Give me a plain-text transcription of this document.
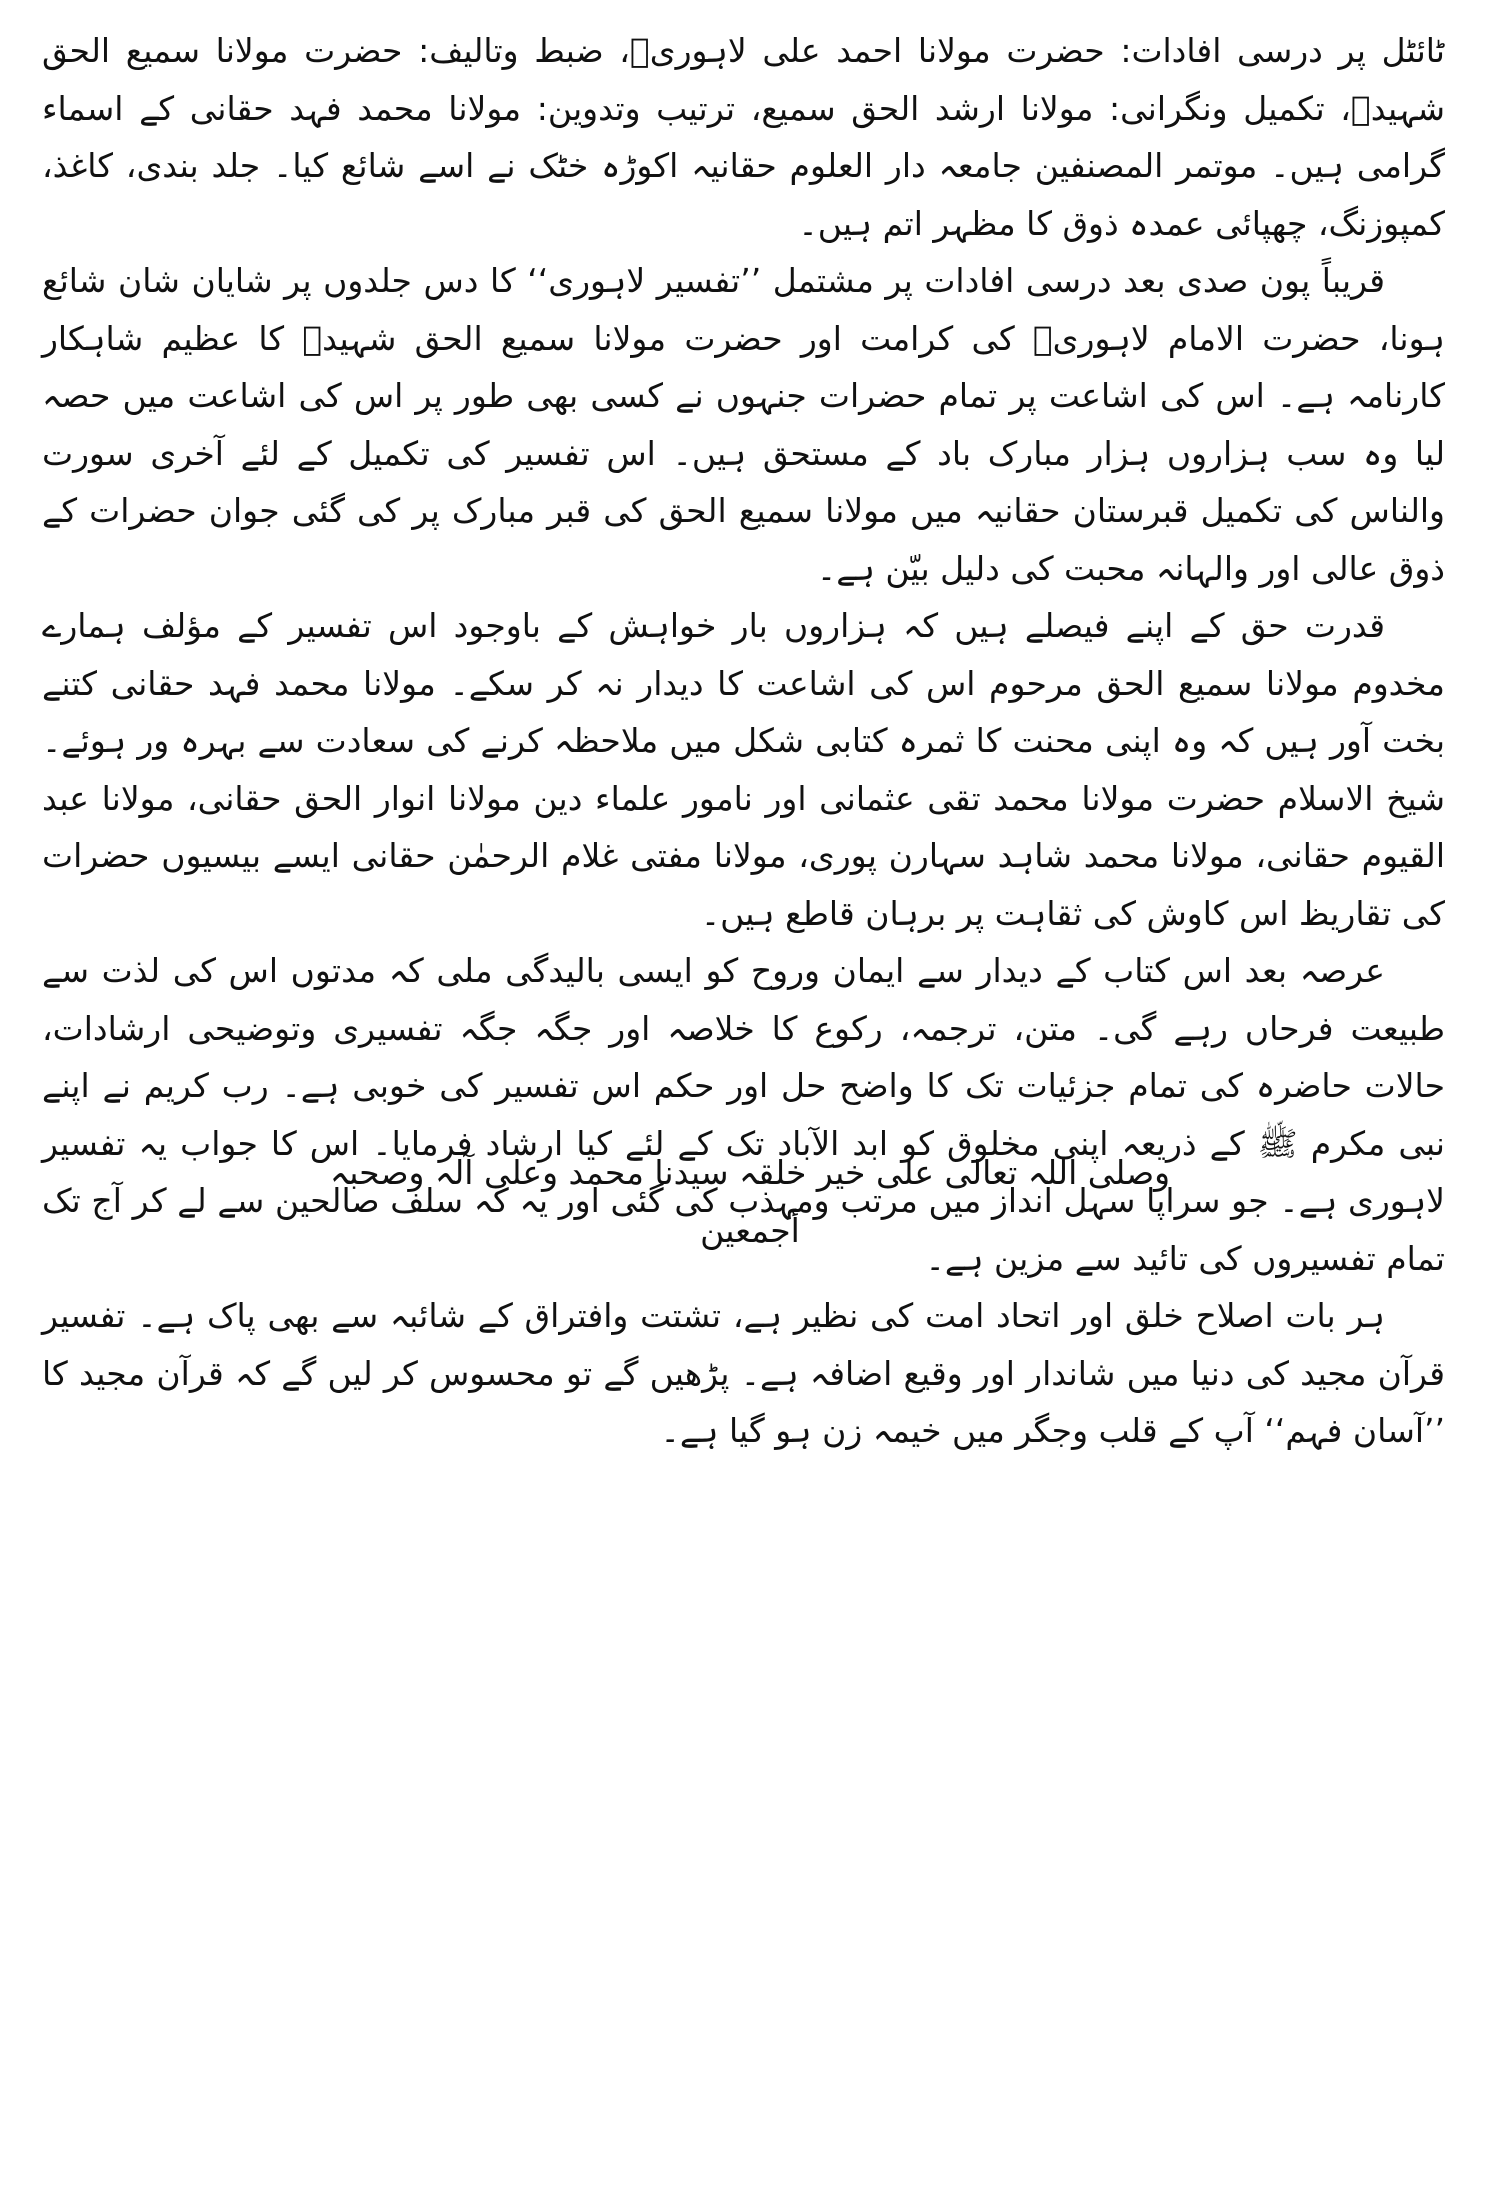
ٹائٹل پر درسی افادات: حضرت مولانا احمد علی لاہوریؒ، ضبط وتالیف: حضرت مولانا سمیع الحق شہیدؒ، تکمیل ونگرانی: مولانا ارشد الحق سمیع، ترتیب وتدوین: مولانا محمد فہد حقانی کے اسماء گرامی ہیں۔ موتمر المصنفین جامعہ دار العلوم حقانیہ اکوڑہ خٹک نے اسے شائع کیا۔ جلد بندی، کاغذ، کمپوزنگ، چھپائی عمدہ ذوق کا مظہر اتم ہیں۔

قریباً پون صدی بعد درسی افادات پر مشتمل ’’تفسیر لاہوری‘‘ کا دس جلدوں پر شایان شان شائع ہونا، حضرت الامام لاہوریؒ کی کرامت اور حضرت مولانا سمیع الحق شہیدؒ کا عظیم شاہکار کارنامہ ہے۔ اس کی اشاعت پر تمام حضرات جنہوں نے کسی بھی طور پر اس کی اشاعت میں حصہ لیا وہ سب ہزاروں ہزار مبارک باد کے مستحق ہیں۔ اس تفسیر کی تکمیل کے لئے آخری سورت والناس کی تکمیل قبرستان حقانیہ میں مولانا سمیع الحق کی قبر مبارک پر کی گئی جوان حضرات کے ذوق عالی اور والہانہ محبت کی دلیل بیّن ہے۔

قدرت حق کے اپنے فیصلے ہیں کہ ہزاروں بار خواہش کے باوجود اس تفسیر کے مؤلف ہمارے مخدوم مولانا سمیع الحق مرحوم اس کی اشاعت کا دیدار نہ کر سکے۔ مولانا محمد فہد حقانی کتنے بخت آور ہیں کہ وہ اپنی محنت کا ثمرہ کتابی شکل میں ملاحظہ کرنے کی سعادت سے بہرہ ور ہوئے۔ شیخ الاسلام حضرت مولانا محمد تقی عثمانی اور نامور علماء دین مولانا انوار الحق حقانی، مولانا عبد القیوم حقانی، مولانا محمد شاہد سہارن پوری، مولانا مفتی غلام الرحمٰن حقانی ایسے بیسیوں حضرات کی تقاریظ اس کاوش کی ثقاہت پر برہان قاطع ہیں۔

عرصہ بعد اس کتاب کے دیدار سے ایمان وروح کو ایسی بالیدگی ملی کہ مدتوں اس کی لذت سے طبیعت فرحاں رہے گی۔ متن، ترجمہ، رکوع کا خلاصہ اور جگہ جگہ تفسیری وتوضیحی ارشادات، حالات حاضرہ کی تمام جزئیات تک کا واضح حل اور حکم اس تفسیر کی خوبی ہے۔ رب کریم نے اپنے نبی مکرم ﷺ کے ذریعہ اپنی مخلوق کو ابد الآباد تک کے لئے کیا ارشاد فرمایا۔ اس کا جواب یہ تفسیر لاہوری ہے۔ جو سراپا سہل انداز میں مرتب ومہذب کی گئی اور یہ کہ سلف صالحین سے لے کر آج تک تمام تفسیروں کی تائید سے مزین ہے۔

ہر بات اصلاح خلق اور اتحاد امت کی نظیر ہے، تشتت وافتراق کے شائبہ سے بھی پاک ہے۔ تفسیر قرآن مجید کی دنیا میں شاندار اور وقیع اضافہ ہے۔ پڑھیں گے تو محسوس کر لیں گے کہ قرآن مجید کا ’’آسان فہم‘‘ آپ کے قلب وجگر میں خیمہ زن ہو گیا ہے۔

وصلی اللہ تعالی علی خیر خلقہ سیدنا محمد وعلی آلہ وصحبہ أجمعین
